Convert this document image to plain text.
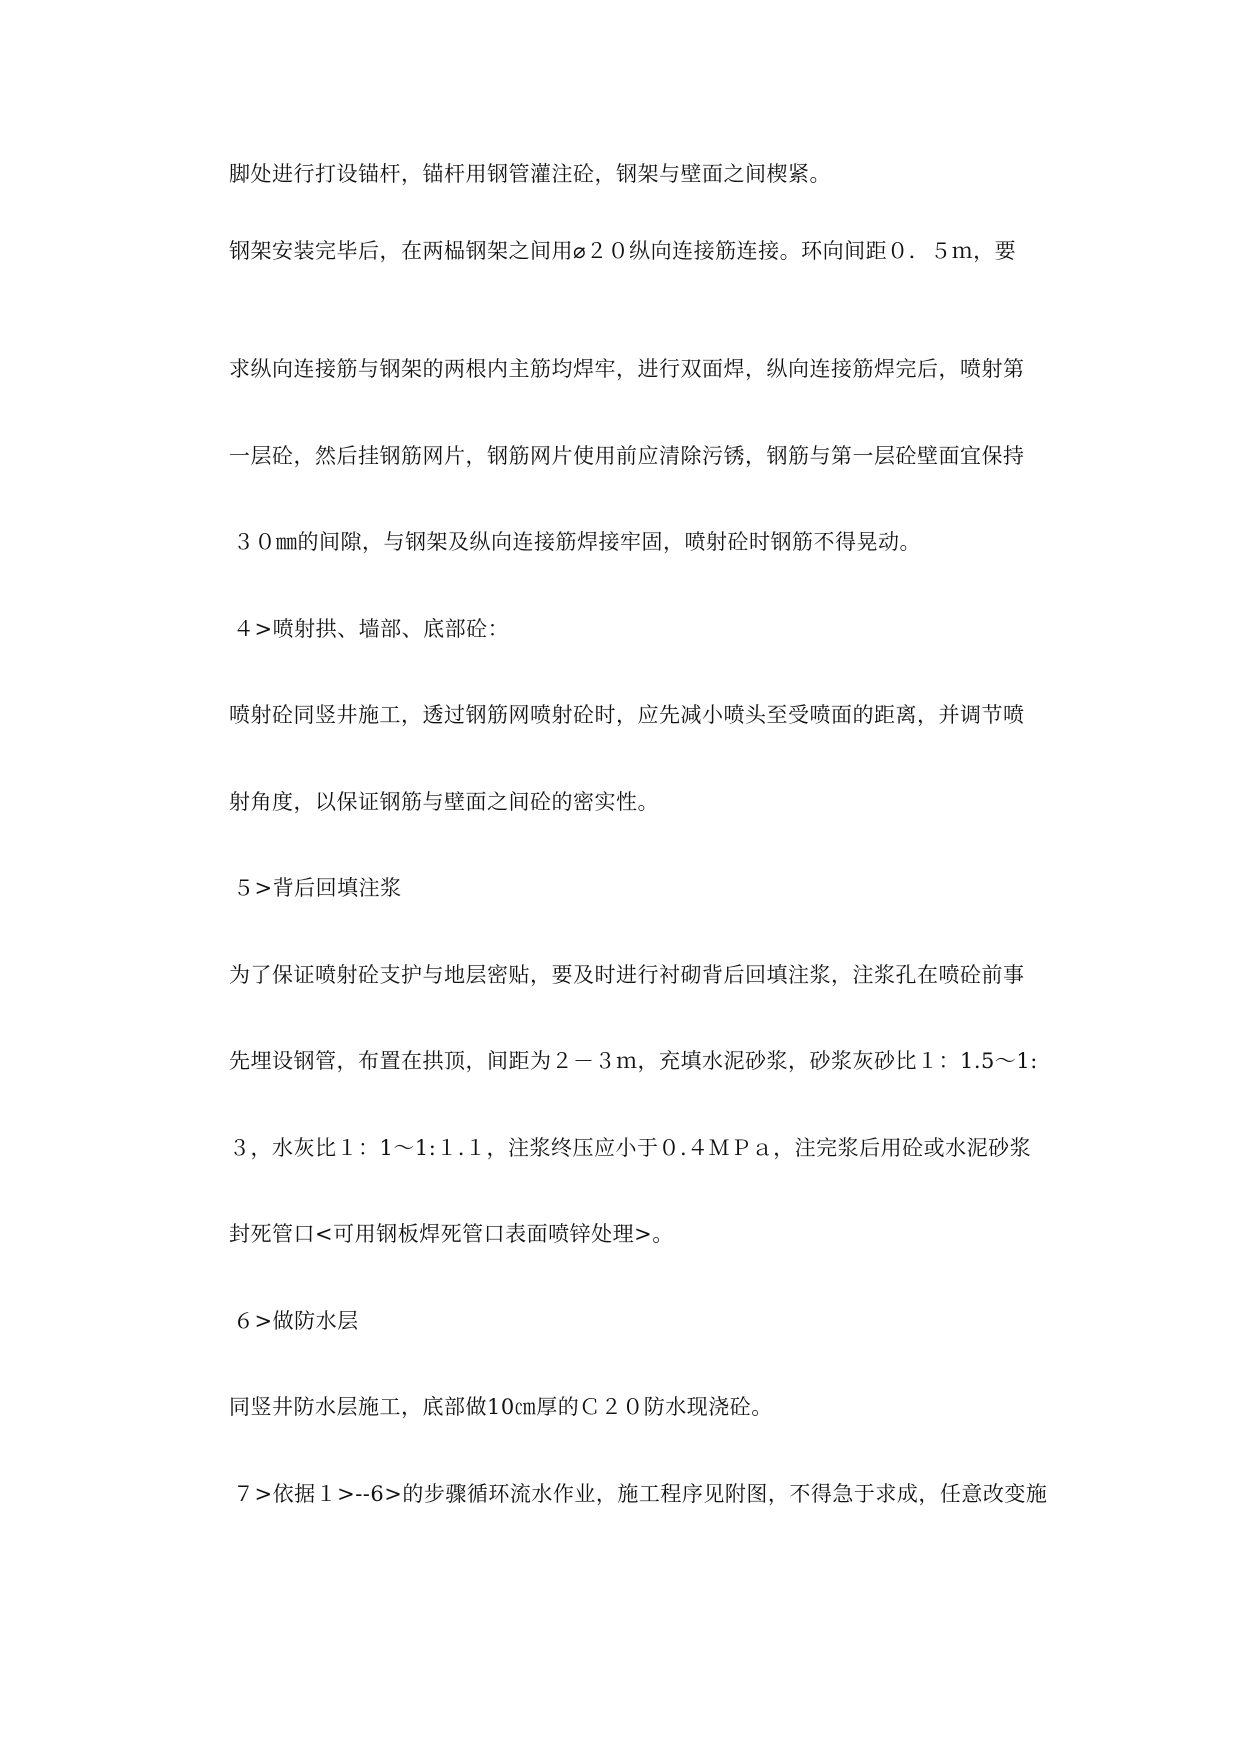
脚处进行打设锚杆，锚杆用钢管灌注砼，钢架与壁面之间楔紧。
钢架安装完毕后，在两榀钢架之间用⌀２０纵向连接筋连接。环向间距０．５ｍ，要
求纵向连接筋与钢架的两根内主筋均焊牢，进行双面焊，纵向连接筋焊完后，喷射第
一层砼，然后挂钢筋网片，钢筋网片使用前应清除污锈，钢筋与第一层砼壁面宜保持
３０㎜的间隙，与钢架及纵向连接筋焊接牢固，喷射砼时钢筋不得晃动。
４>喷射拱、墙部、底部砼：
喷射砼同竖井施工，透过钢筋网喷射砼时，应先减小喷头至受喷面的距离，并调节喷
射角度，以保证钢筋与壁面之间砼的密实性。
５>背后回填注浆
为了保证喷射砼支护与地层密贴，要及时进行衬砌背后回填注浆，注浆孔在喷砼前事
先埋设钢管，布置在拱顶，间距为２－３ｍ，充填水泥砂浆，砂浆灰砂比１：1.5～1:
３，水灰比１：1～1:１.１，注浆终压应小于０.４ＭＰａ，注完浆后用砼或水泥砂浆
封死管口<可用钢板焊死管口表面喷锌处理>。
６>做防水层
同竖井防水层施工，底部做10㎝厚的Ｃ２０防水现浇砼。
７>依据１>--6>的步骤循环流水作业，施工程序见附图，不得急于求成，任意改变施
